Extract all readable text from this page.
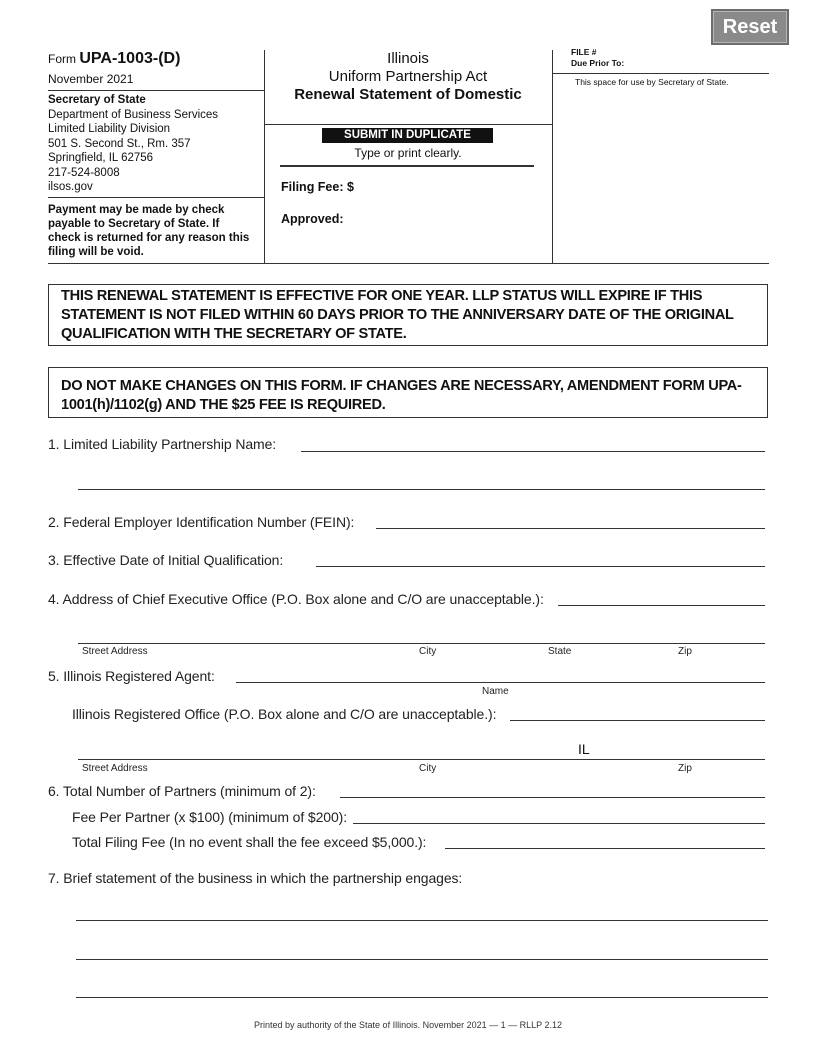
Reset
Form UPA-1003-(D)
November 2021
Secretary of State
Department of Business Services
Limited Liability Division
501 S. Second St., Rm. 357
Springfield, IL 62756
217-524-8008
ilsos.gov
Payment may be made by check payable to Secretary of State. If check is returned for any reason this filing will be void.
Illinois
Uniform Partnership Act
Renewal Statement of Domestic
SUBMIT IN DUPLICATE
Type or print clearly.
Filing Fee: $
Approved:
FILE #
Due Prior To:
This space for use by Secretary of State.
THIS RENEWAL STATEMENT IS EFFECTIVE FOR ONE YEAR. LLP STATUS WILL EXPIRE IF THIS STATEMENT IS NOT FILED WITHIN 60 DAYS PRIOR TO THE ANNIVERSARY DATE OF THE ORIGINAL QUALIFICATION WITH THE SECRETARY OF STATE.
DO NOT MAKE CHANGES ON THIS FORM. IF CHANGES ARE NECESSARY, AMENDMENT FORM UPA-1001(h)/1102(g) AND THE $25 FEE IS REQUIRED.
1. Limited Liability Partnership Name:
2. Federal Employer Identification Number (FEIN):
3. Effective Date of Initial Qualification:
4. Address of Chief Executive Office (P.O. Box alone and C/O are unacceptable.):
Street Address	City	State	Zip
5. Illinois Registered Agent:
Name
Illinois Registered Office (P.O. Box alone and C/O are unacceptable.):
IL
Street Address	City	Zip
6. Total Number of Partners (minimum of 2):
Fee Per Partner (x $100) (minimum of $200):
Total Filing Fee (In no event shall the fee exceed $5,000.):
7. Brief statement of the business in which the partnership engages:
Printed by authority of the State of Illinois. November 2021 — 1 — RLLP 2.12
